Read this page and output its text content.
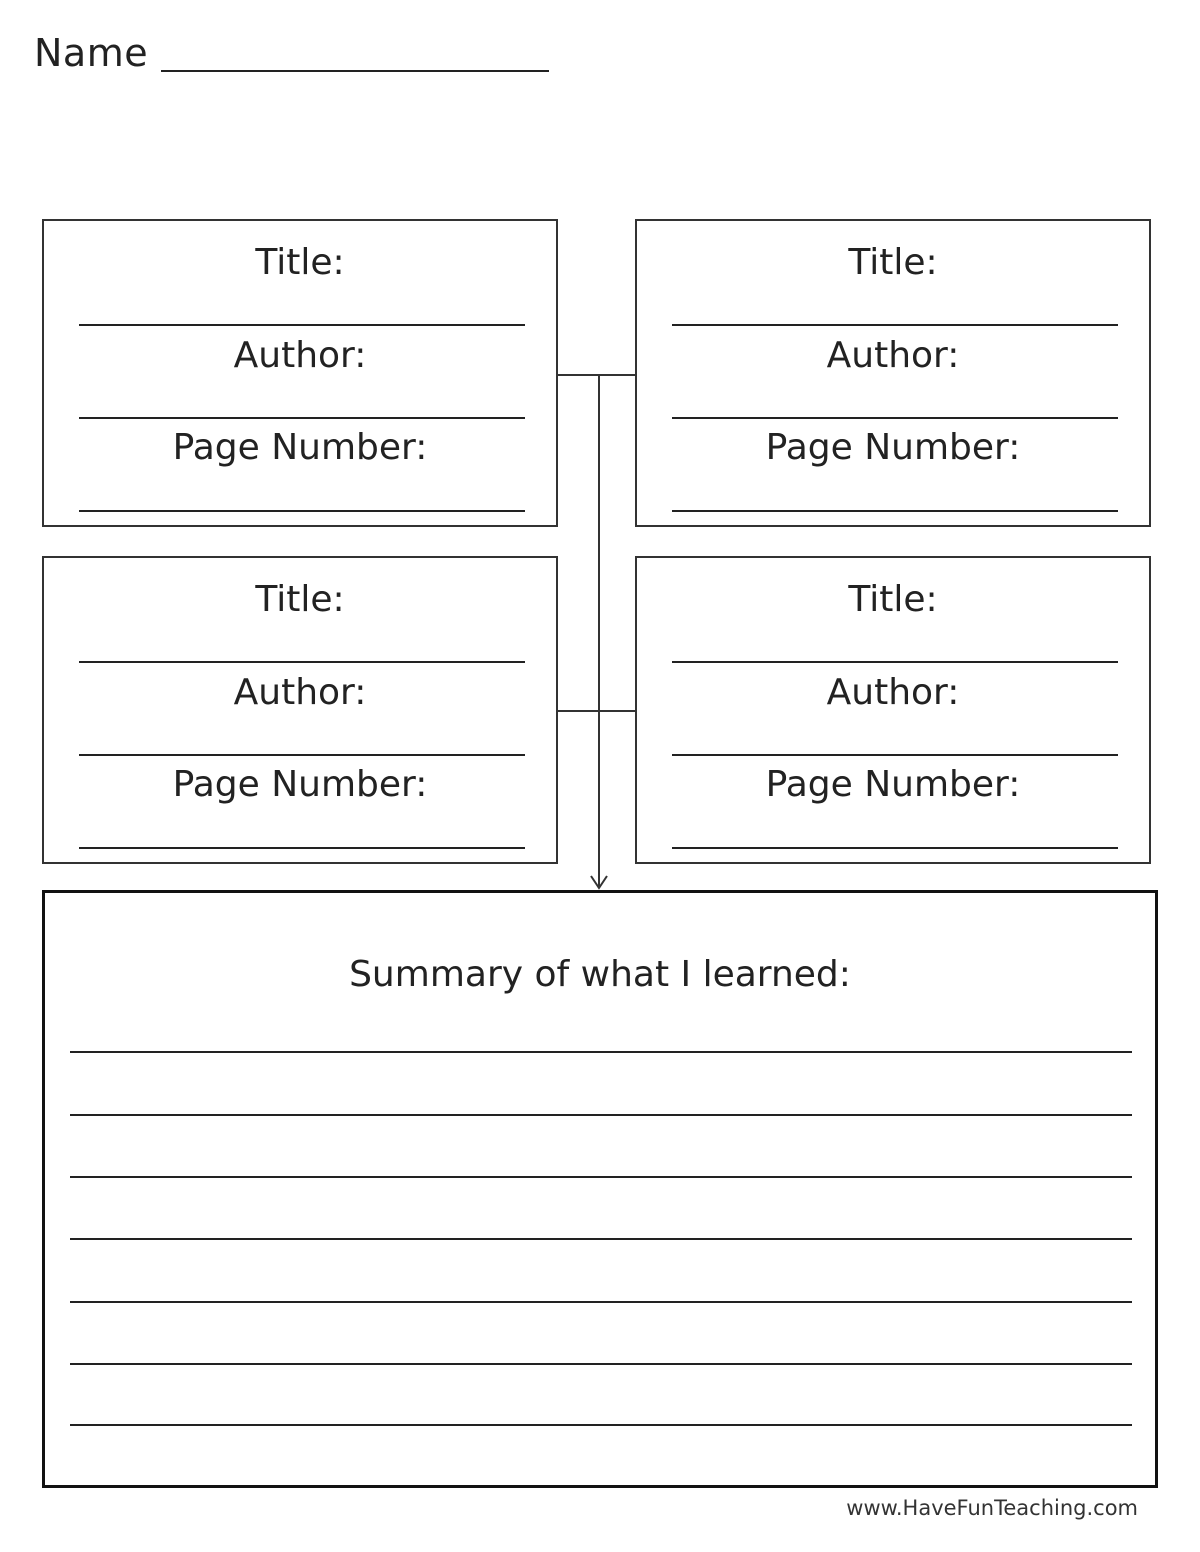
Name
Title:
Author:
Page Number:
Title:
Author:
Page Number:
Title:
Author:
Page Number:
Title:
Author:
Page Number:
Summary of what I learned:
www.HaveFunTeaching.com
